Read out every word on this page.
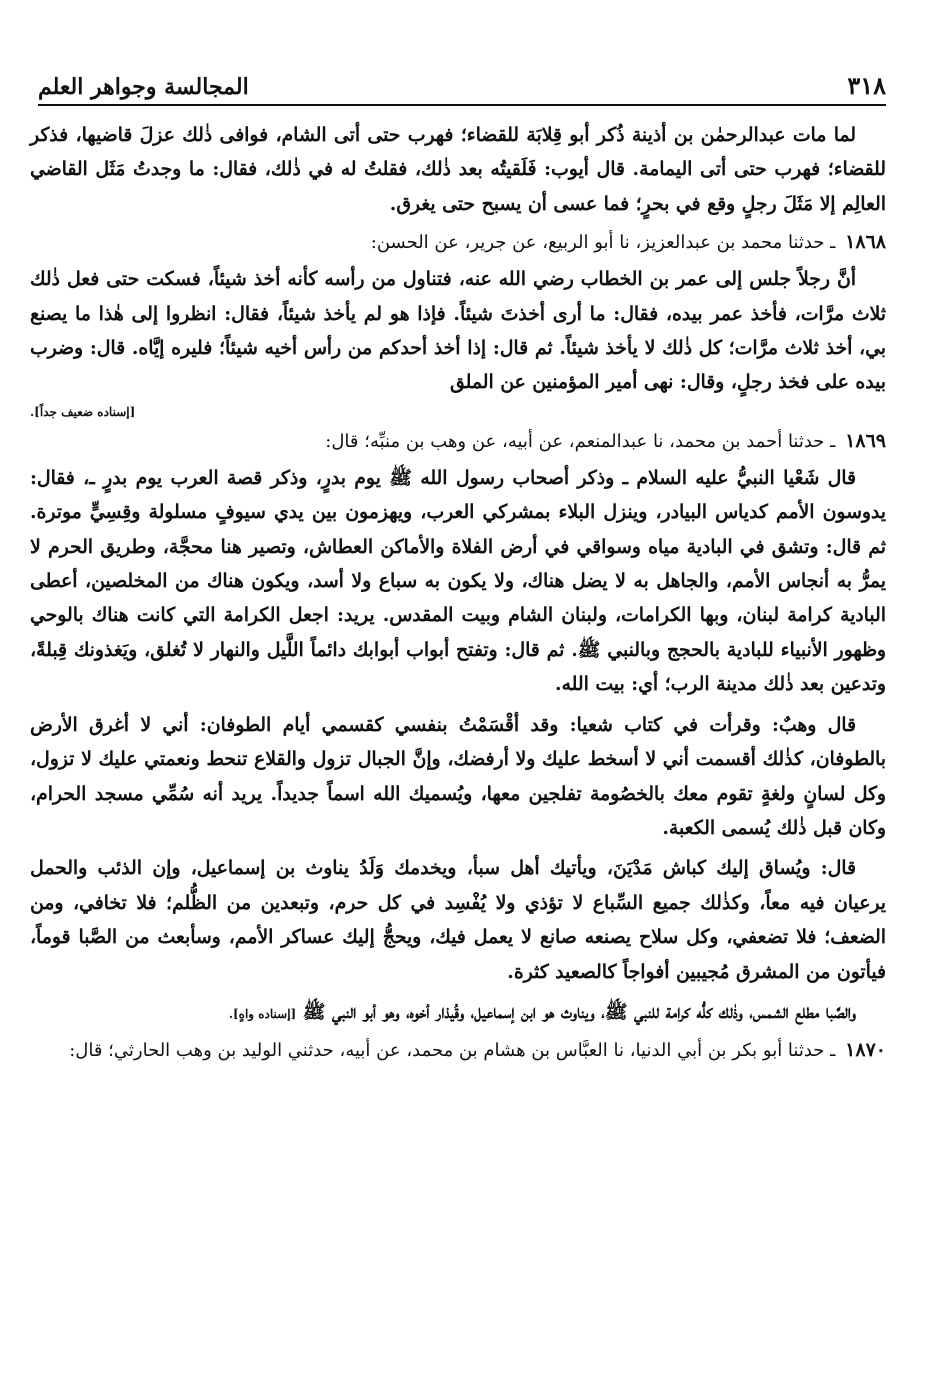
٣١٨
المجالسة وجواهر العلم

لما مات عبدالرحمٰن بن أذينة ذُكر أبو قِلابَة للقضاء؛ فهرب حتى أتى الشام، فوافى ذٰلك عزلَ قاضيها، فذكر للقضاء؛ فهرب حتى أتى اليمامة. قال أيوب: فَلَقيتُه بعد ذٰلك، فقلتُ له في ذٰلك، فقال: ما وجدتُ مَثَل القاضي العالِم إلا مَثَلَ رجلٍ وقع في بحرٍ؛ فما عسى أن يسبح حتى يغرق.

١٨٦٨ ـ حدثنا محمد بن عبدالعزيز، نا أبو الربيع، عن جرير، عن الحسن:

أنَّ رجلاً جلس إلى عمر بن الخطاب رضي الله عنه، فتناول من رأسه كأنه أخذ شيئاً، فسكت حتى فعل ذٰلك ثلاث مرَّات، فأخذ عمر بيده، فقال: ما أرى أخذتَ شيئاً. فإذا هو لم يأخذ شيئاً، فقال: انظروا إلى هٰذا ما يصنع بي، أخذ ثلاث مرَّات؛ كل ذٰلك لا يأخذ شيئاً. ثم قال: إذا أخذ أحدكم من رأس أخيه شيئاً؛ فليره إيَّاه. قال: وضرب بيده على فخذ رجلٍ، وقال: نهى أمير المؤمنين عن الملق

[إسناده ضعيف جداً].

١٨٦٩ ـ حدثنا أحمد بن محمد، نا عبدالمنعم، عن أبيه، عن وهب بن منبِّه؛ قال:

قال شَعْيا النبيُّ عليه السلام ـ وذكر أصحاب رسول الله ﷺ يوم بدرٍ، وذكر قصة العرب يوم بدرٍ ـ، فقال: يدوسون الأمم كدياس البيادر، وينزل البلاء بمشركي العرب، ويهزمون بين يدي سيوفٍ مسلولة وقِسِيٍّ موترة. ثم قال: وتشق في البادية مياه وسواقي في أرض الفلاة والأماكن العطاش، وتصير هنا محجَّة، وطريق الحرم لا يمرُّ به أنجاس الأمم، والجاهل به لا يضل هناك، ولا يكون به سباع ولا أسد، ويكون هناك من المخلصين، أعطى البادية كرامة لبنان، وبها الكرامات، ولبنان الشام وبيت المقدس. يريد: اجعل الكرامة التي كانت هناك بالوحي وظهور الأنبياء للبادية بالحجج وبالنبي ﷺ. ثم قال: وتفتح أبواب أبوابك دائماً اللَّيل والنهار لا تُغلق، ويَغذونك قِبلةً، وتدعين بعد ذٰلك مدينة الرب؛ أي: بيت الله.

قال وهبٌ: وقرأت في كتاب شعيا: وقد أقْسَمْتُ بنفسي كقسمي أيام الطوفان: أني لا أغرق الأرض بالطوفان، كذٰلك أقسمت أني لا أسخط عليك ولا أرفضك، وإنَّ الجبال تزول والقلاع تنحط ونعمتي عليك لا تزول، وكل لسانٍ ولغةٍ تقوم معك بالخصُومة تفلجين معها، ويُسميك الله اسماً جديداً. يريد أنه سُمِّي مسجد الحرام، وكان قبل ذٰلك يُسمى الكعبة.

قال: ويُساق إليك كباش مَدْيَنَ، ويأتيك أهل سبأ، ويخدمك وَلَدُ يناوث بن إسماعيل، وإن الذئب والحمل يرعيان فيه معاً، وكذٰلك جميع السِّباع لا تؤذي ولا يُفْسِد في كل حرم، وتبعدين من الظُّلم؛ فلا تخافي، ومن الضعف؛ فلا تضعفي، وكل سلاح يصنعه صانع لا يعمل فيك، ويحجُّ إليك عساكر الأمم، وسأبعث من الصَّبا قوماً، فيأتون من المشرق مُجيبين أفواجاً كالصعيد كثرة.

والصَّبا مطلع الشمس، وذٰلك كلُّه كرامة للنبي ﷺ، ويناوث هو ابن إسماعيل، وقُيذار أخوه، وهو أبو النبي ﷺ [إسناده واهٍ].

١٨٧٠ ـ حدثنا أبو بكر بن أبي الدنيا، نا العبَّاس بن هشام بن محمد، عن أبيه، حدثني الوليد بن وهب الحارثي؛ قال:
